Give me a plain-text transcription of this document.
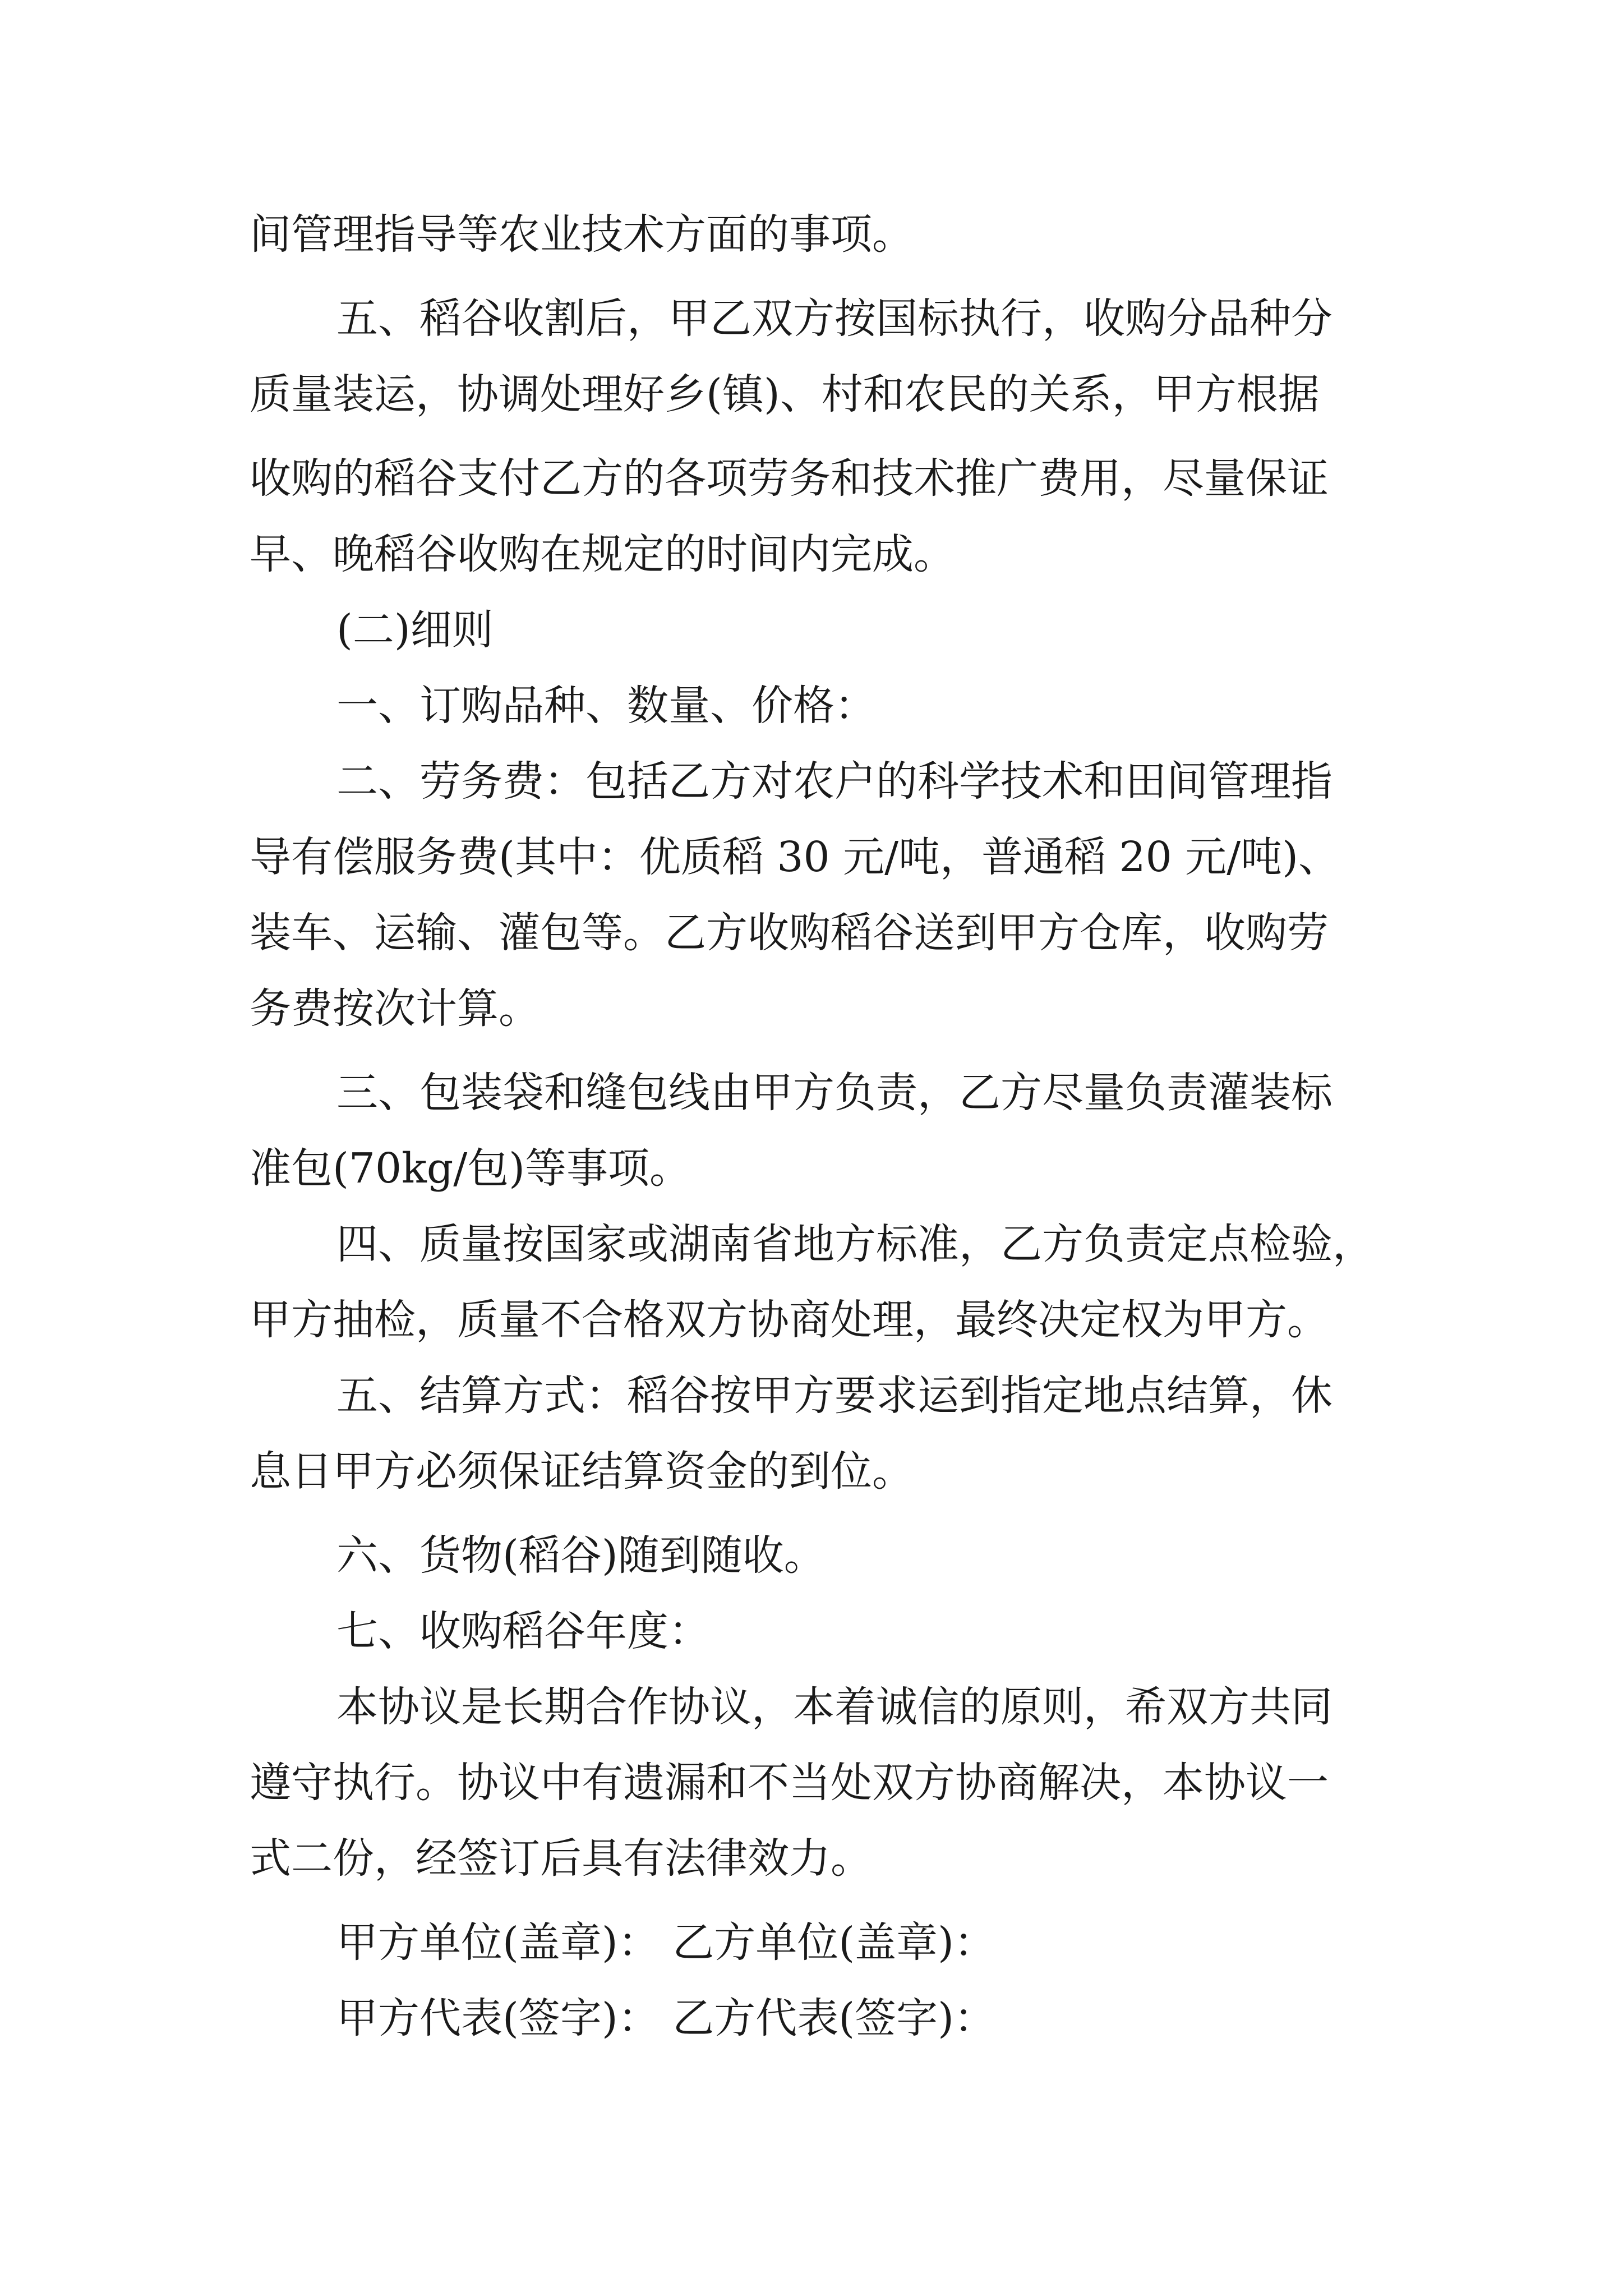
间管理指导等农业技术方面的事项。
五、稻谷收割后，甲乙双方按国标执行，收购分品种分
质量装运，协调处理好乡(镇)、村和农民的关系，甲方根据
收购的稻谷支付乙方的各项劳务和技术推广费用，尽量保证
早、晚稻谷收购在规定的时间内完成。
(二)细则
一、订购品种、数量、价格：
二、劳务费：包括乙方对农户的科学技术和田间管理指
导有偿服务费(其中：优质稻 30 元/吨，普通稻 20 元/吨)、
装车、运输、灌包等。乙方收购稻谷送到甲方仓库，收购劳
务费按次计算。
三、包装袋和缝包线由甲方负责，乙方尽量负责灌装标
准包(70kg/包)等事项。
四、质量按国家或湖南省地方标准，乙方负责定点检验，
甲方抽检，质量不合格双方协商处理，最终决定权为甲方。
五、结算方式：稻谷按甲方要求运到指定地点结算，休
息日甲方必须保证结算资金的到位。
六、货物(稻谷)随到随收。
七、收购稻谷年度：
本协议是长期合作协议，本着诚信的原则，希双方共同
遵守执行。协议中有遗漏和不当处双方协商解决，本协议一
式二份，经签订后具有法律效力。
甲方单位(盖章)： 乙方单位(盖章)：
甲方代表(签字)： 乙方代表(签字)：
